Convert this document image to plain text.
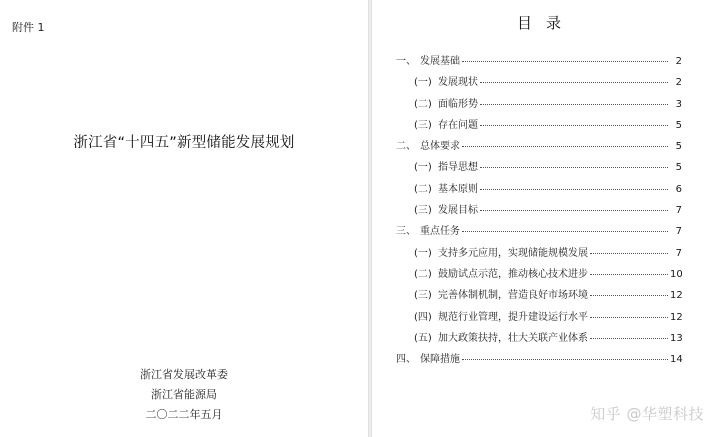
附件 1
浙江省“十四五”新型储能发展规划
浙江省发展改革委
浙江省能源局
二〇二二年五月
目录
一、 发展基础	2
(一) 发展现状	2
(二) 面临形势	3
(三) 存在问题	5
二、 总体要求	5
(一) 指导思想	5
(二) 基本原则	6
(三) 发展目标	7
三、 重点任务	7
(一) 支持多元应用，实现储能规模发展	7
(二) 鼓励试点示范，推动核心技术进步	10
(三) 完善体制机制，营造良好市场环境	12
(四) 规范行业管理，提升建设运行水平	12
(五) 加大政策扶持，壮大关联产业体系	13
四、 保障措施	14
知乎 @华塑科技
